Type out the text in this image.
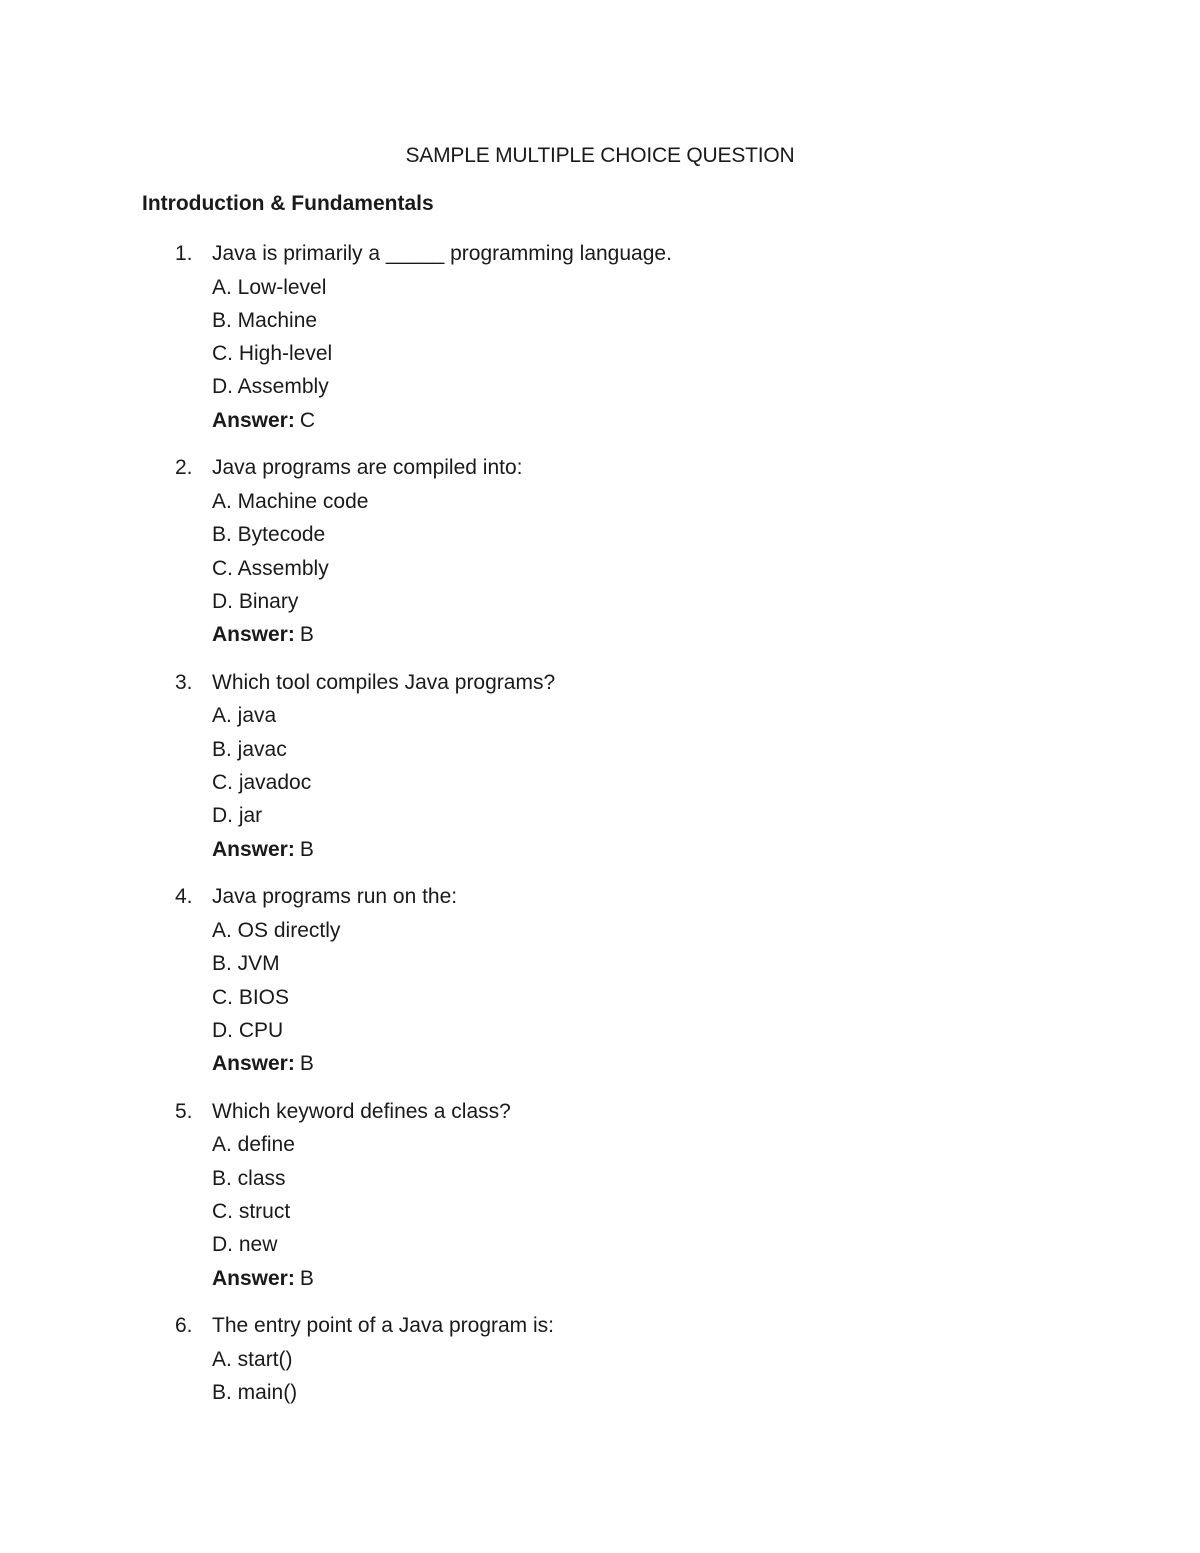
SAMPLE MULTIPLE CHOICE QUESTION
Introduction & Fundamentals
1. Java is primarily a _____ programming language.
A. Low-level
B. Machine
C. High-level
D. Assembly
Answer: C
2. Java programs are compiled into:
A. Machine code
B. Bytecode
C. Assembly
D. Binary
Answer: B
3. Which tool compiles Java programs?
A. java
B. javac
C. javadoc
D. jar
Answer: B
4. Java programs run on the:
A. OS directly
B. JVM
C. BIOS
D. CPU
Answer: B
5. Which keyword defines a class?
A. define
B. class
C. struct
D. new
Answer: B
6. The entry point of a Java program is:
A. start()
B. main()
